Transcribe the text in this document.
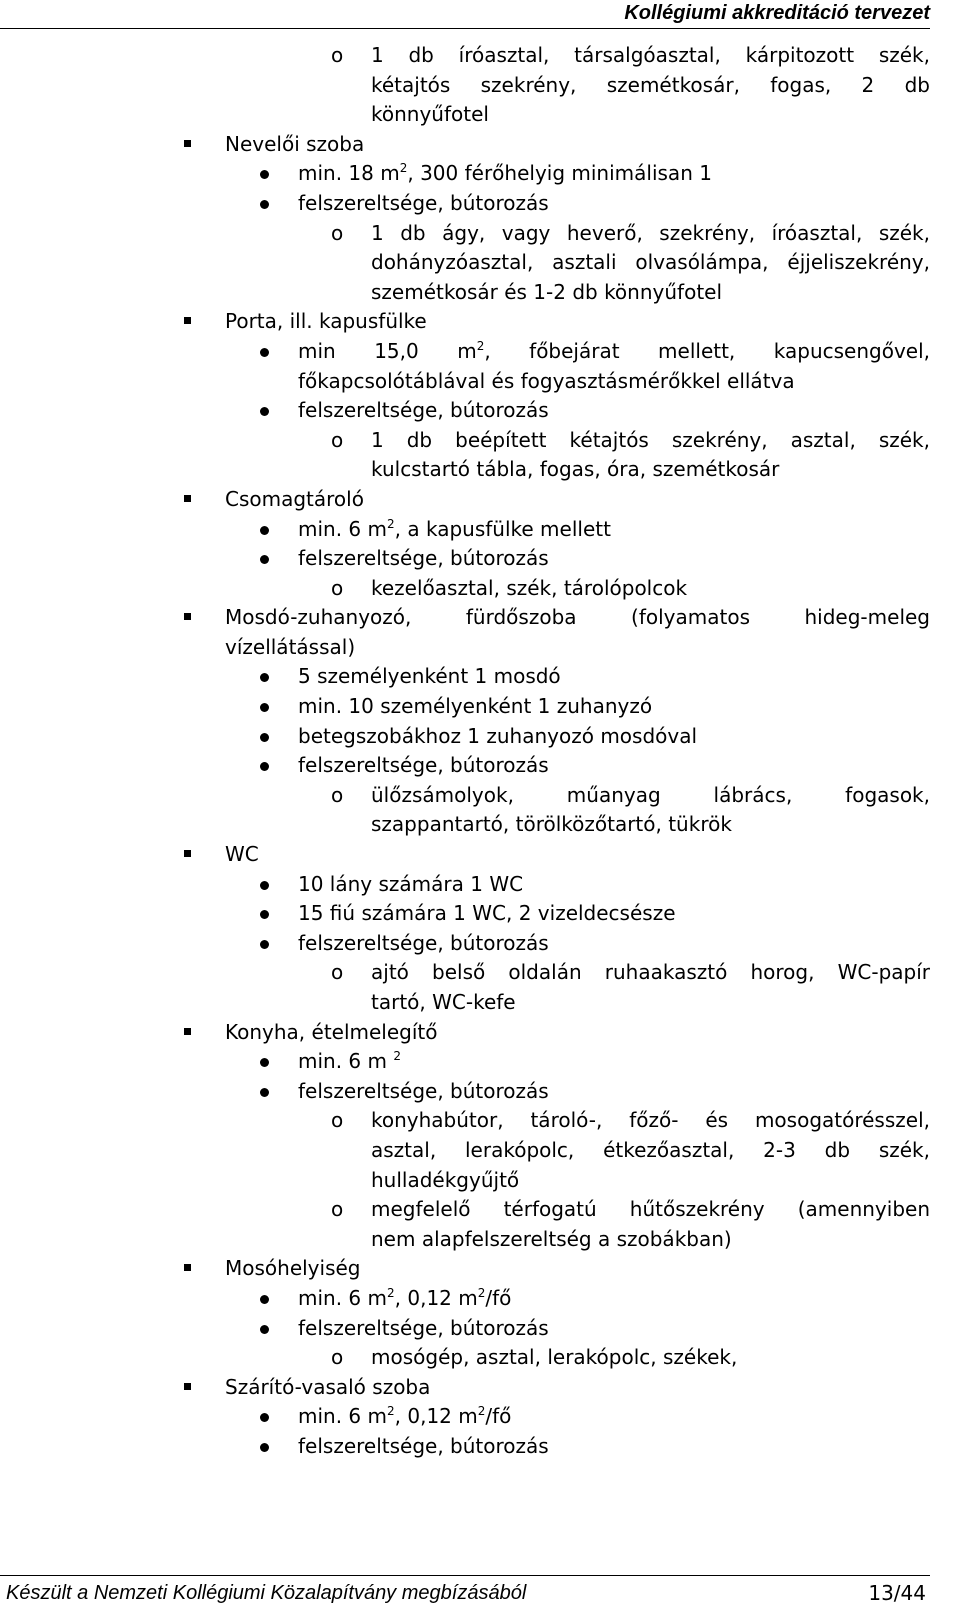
Kollégiumi akkreditáció tervezet
o 1 db íróasztal, társalgóasztal, kárpitozott szék,
kétajtós szekrény, szemétkosár, fogas, 2 db
könnyűfotel
Nevelői szoba
min. 18 $m^2$, 300 férőhelyig minimálisan 1
felszereltsége, bútorozás
o 1 db ágy, vagy heverő, szekrény, íróasztal, szék,
dohányzóasztal, asztali olvasólámpa, éjjeliszekrény,
szemétkosár és 1-2 db könnyűfotel
Porta, ill. kapusfülke
min 15,0 $m^2$, főbejárat mellett, kapucsengővel,
főkapcsolótáblával és fogyasztásmérőkkel ellátva
felszereltsége, bútorozás
o 1 db beépített kétajtós szekrény, asztal, szék,
kulcstartó tábla, fogas, óra, szemétkosár
Csomagtároló
min. 6 $m^2$, a kapusfülke mellett
felszereltsége, bútorozás
o kezelőasztal, szék, tárolópolcok
Mosdó-zuhanyozó, fürdőszoba (folyamatos hideg-meleg
vízellátással)
5 személyenként 1 mosdó
min. 10 személyenként 1 zuhanyzó
betegszobákhoz 1 zuhanyozó mosdóval
felszereltsége, bútorozás
o ülőzsámolyok, műanyag lábrács, fogasok,
szappantartó, törölközőtartó, tükrök
WC
10 lány számára 1 WC
15 fiú számára 1 WC, 2 vizeldecsésze
felszereltsége, bútorozás
o ajtó belső oldalán ruhaakasztó horog, WC-papír
tartó, WC-kefe
Konyha, ételmelegítő
min. 6 m $^2$
felszereltsége, bútorozás
o konyhabútor, tároló-, főző- és mosogatórésszel,
asztal, lerakópolc, étkezőasztal, 2-3 db szék,
hulladékgyűjtő
o megfelelő térfogatú hűtőszekrény (amennyiben
nem alapfelszereltség a szobákban)
Mosóhelyiség
min. 6 $m^2$, 0,12 $m^2/fő$
felszereltsége, bútorozás
o mosógép, asztal, lerakópolc, székek,
Szárító-vasaló szoba
min. 6 $m^2$, 0,12 $m^2/fő$
felszereltsége, bútorozás
Készült a Nemzeti Kollégiumi Közalapítvány megbízásából	13/44
